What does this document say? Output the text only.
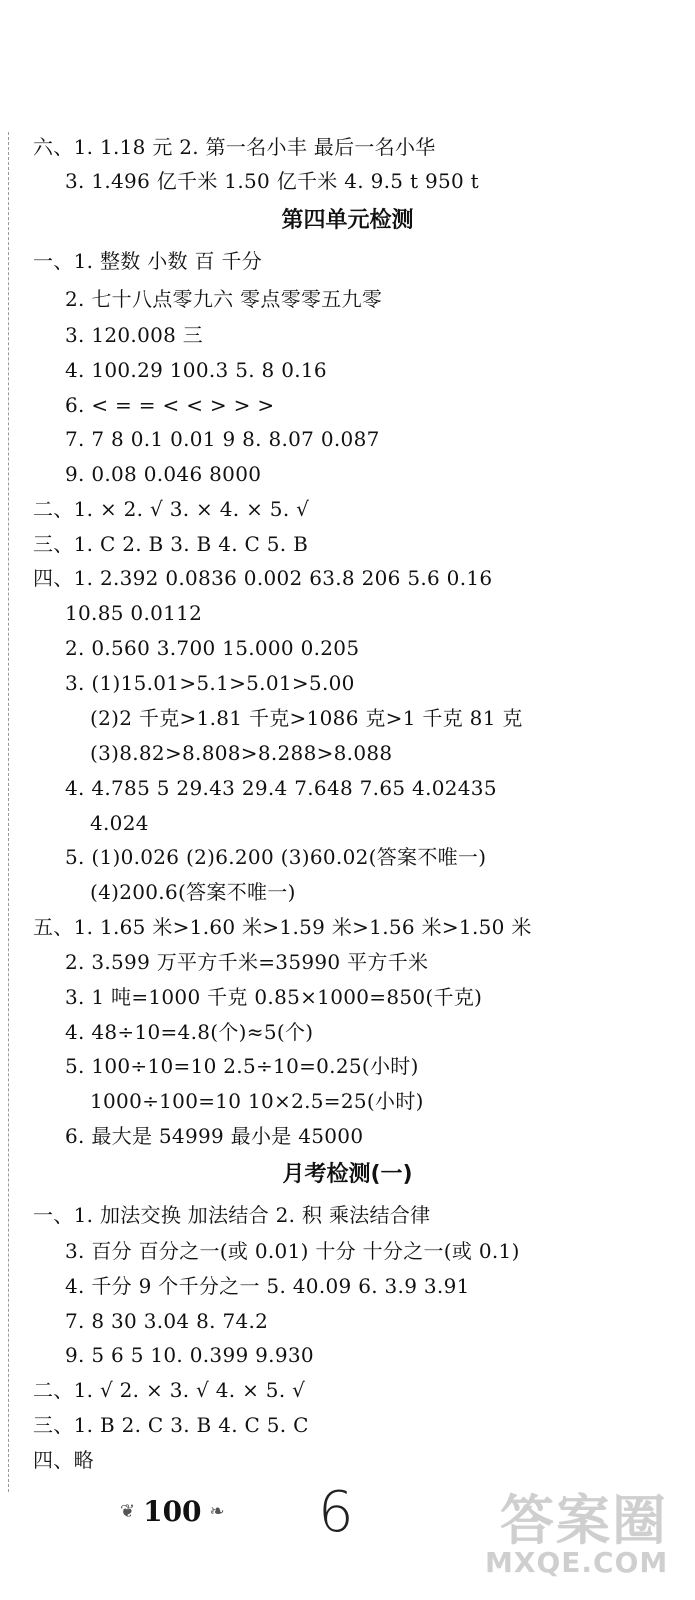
六、1. 1.18 元 2. 第一名小丰 最后一名小华
3. 1.496 亿千米 1.50 亿千米 4. 9.5 t 950 t
第四单元检测
一、1. 整数 小数 百 千分
2. 七十八点零九六 零点零零五九零
3. 120.008 三
4. 100.29 100.3 5. 8 0.16
6. < = = < < > > >
7. 7 8 0.1 0.01 9 8. 8.07 0.087
9. 0.08 0.046 8000
二、1. × 2. √ 3. × 4. × 5. √
三、1. C 2. B 3. B 4. C 5. B
四、1. 2.392 0.0836 0.002 63.8 206 5.6 0.16
10.85 0.0112
2. 0.560 3.700 15.000 0.205
3. (1)15.01>5.1>5.01>5.00
(2)2 千克>1.81 千克>1086 克>1 千克 81 克
(3)8.82>8.808>8.288>8.088
4. 4.785 5 29.43 29.4 7.648 7.65 4.02435
4.024
5. (1)0.026 (2)6.200 (3)60.02(答案不唯一)
(4)200.6(答案不唯一)
五、1. 1.65 米>1.60 米>1.59 米>1.56 米>1.50 米
2. 3.599 万平方千米=35990 平方千米
3. 1 吨=1000 千克 0.85×1000=850(千克)
4. 48÷10=4.8(个)≈5(个)
5. 100÷10=10 2.5÷10=0.25(小时)
1000÷100=10 10×2.5=25(小时)
6. 最大是 54999 最小是 45000
月考检测(一)
一、1. 加法交换 加法结合 2. 积 乘法结合律
3. 百分 百分之一(或 0.01) 十分 十分之一(或 0.1)
4. 千分 9 个千分之一 5. 40.09 6. 3.9 3.91
7. 8 30 3.04 8. 74.2
9. 5 6 5 10. 0.399 9.930
二、1. √ 2. × 3. √ 4. × 5. √
三、1. B 2. C 3. B 4. C 5. C
四、略
❦ 100 ❧ 6	答案圈
MXQE.COM
